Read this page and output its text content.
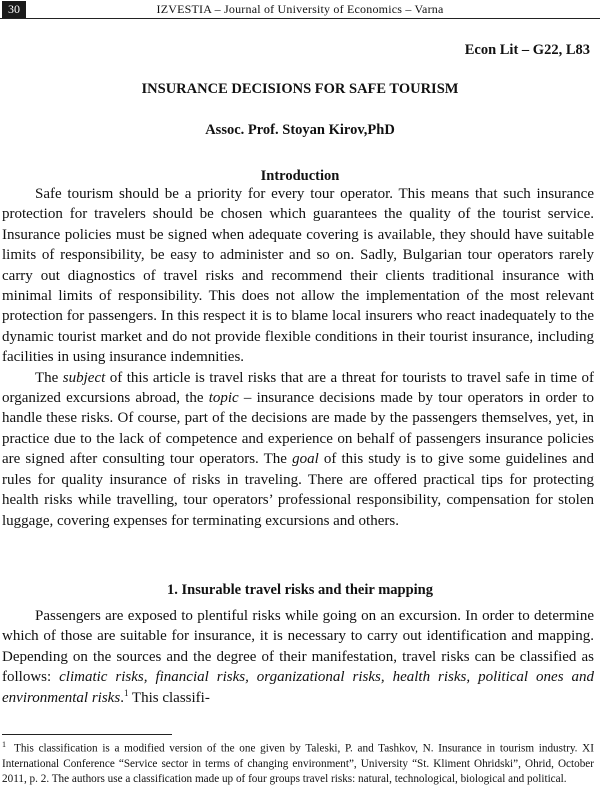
30	IZVESTIA – Journal of University of Economics – Varna
Econ Lit – G22, L83
INSURANCE DECISIONS FOR SAFE TOURISM
Assoc. Prof. Stoyan Kirov,PhD
Introduction

Safe tourism should be a priority for every tour operator. This means that such insurance protection for travelers should be chosen which guarantees the quality of the tourist service. Insurance policies must be signed when adequate covering is available, they should have suitable limits of responsibility, be easy to administer and so on. Sadly, Bulgarian tour operators rarely carry out diagnostics of travel risks and recommend their clients traditional insurance with minimal limits of responsibility. This does not allow the implementation of the most relevant protection for passengers. In this respect it is to blame local insurers who react inadequately to the dynamic tourist market and do not provide flexible conditions in their tourist insurance, including facilities in using insurance indemnities.

The subject of this article is travel risks that are a threat for tourists to travel safe in time of organized excursions abroad, the topic – insurance decisions made by tour operators in order to handle these risks. Of course, part of the decisions are made by the passengers themselves, yet, in practice due to the lack of competence and experience on behalf of passengers insurance policies are signed after consulting tour operators. The goal of this study is to give some guidelines and rules for quality insurance of risks in traveling. There are offered practical tips for protecting health risks while travelling, tour operators’ professional responsibility, compensation for stolen luggage, covering expenses for terminating excursions and others.

1. Insurable travel risks and their mapping

Passengers are exposed to plentiful risks while going on an excursion. In order to determine which of those are suitable for insurance, it is necessary to carry out identification and mapping. Depending on the sources and the degree of their manifestation, travel risks can be classified as follows: climatic risks, financial risks, organizational risks, health risks, political ones and environmental risks.$^1$ This classifi-

$^1$ This classification is a modified version of the one given by Taleski, P. and Tashkov, N. Insurance in tourism industry. XI International Conference “Service sector in terms of changing environment”, University “St. Kliment Ohridski”, Ohrid, October 2011, p. 2. The authors use a classification made up of four groups travel risks: natural, technological, biological and political.
